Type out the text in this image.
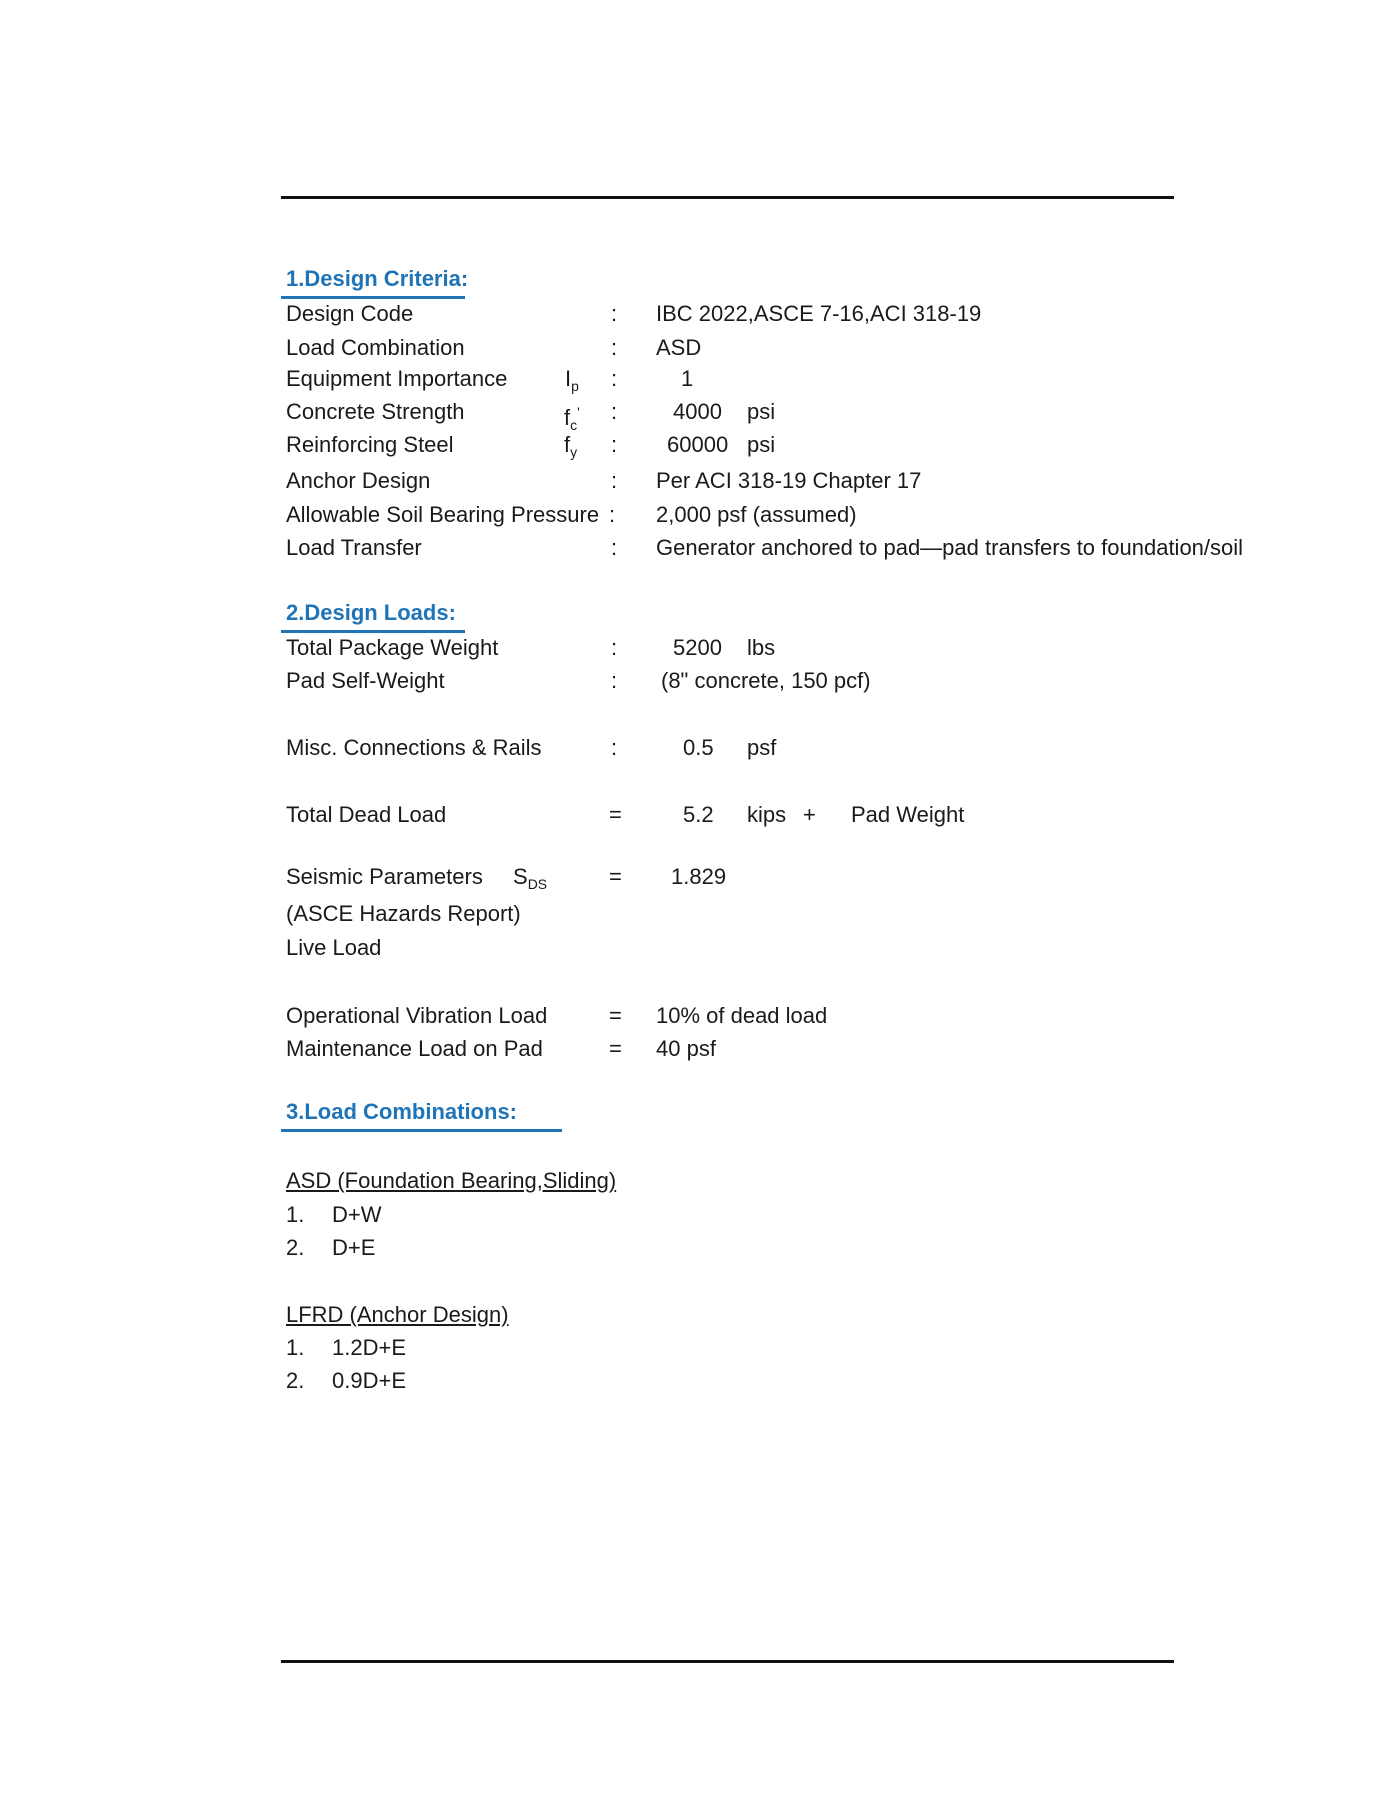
1.Design Criteria:
Design Code	: IBC 2022,ASCE 7-16,ACI 318-19
Load Combination	: ASD
Equipment Importance	$I_p$ :	1
Concrete Strength	$f_c'$ :	4000 psi
Reinforcing Steel	$f_y$ : 60000 psi
Anchor Design	: Per ACI 318-19 Chapter 17
Allowable Soil Bearing Pressure : 2,000 psf (assumed)
Load Transfer	: Generator anchored to pad—pad transfers to foundation/soil
2.Design Loads:
Total Package Weight	:	5200 lbs
Pad Self-Weight	: (8" concrete, 150 pcf)
Misc. Connections & Rails	:	0.5 psf
Total Dead Load	=	5.2 kips + Pad Weight
Seismic Parameters $S_{DS}$	= 1.829
(ASCE Hazards Report)
Live Load
Operational Vibration Load	= 10% of dead load
Maintenance Load on Pad	= 40 psf
3.Load Combinations:
ASD (Foundation Bearing,Sliding)
1. D+W
2. D+E
LFRD (Anchor Design)
1. 1.2D+E
2. 0.9D+E
